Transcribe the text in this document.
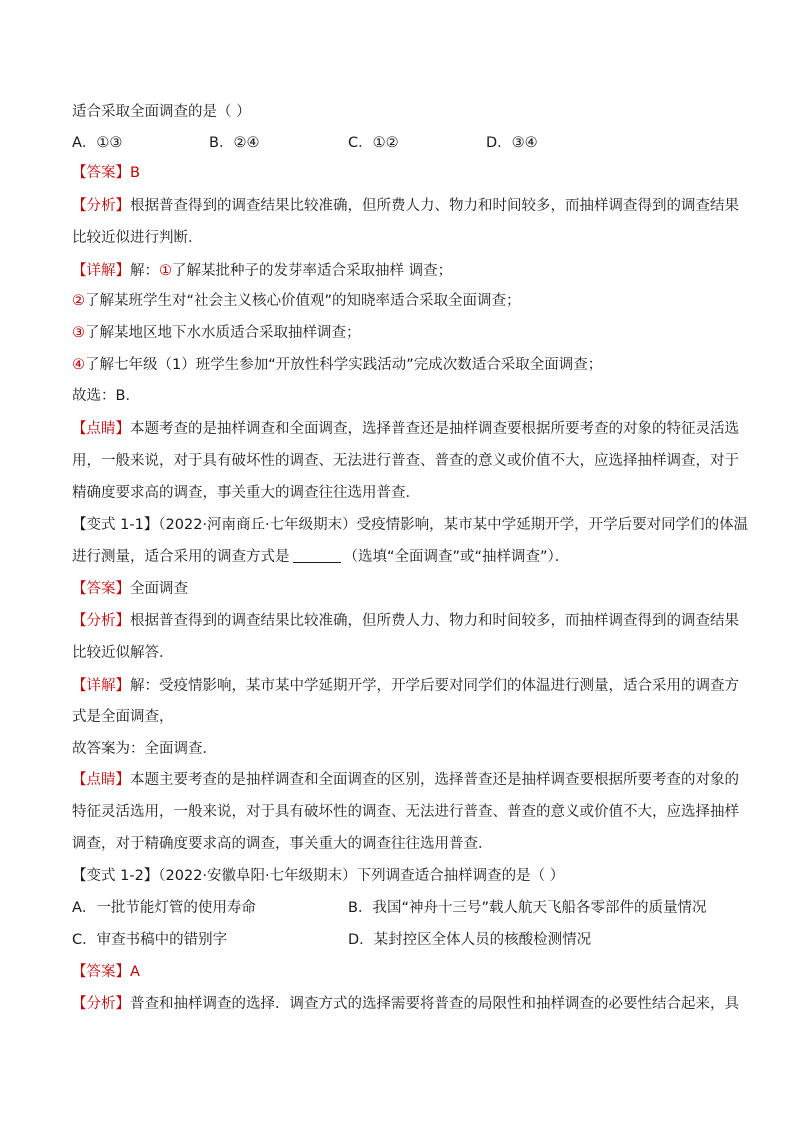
适合采取全面调查的是（ ）
A．①③	B．②④	C．①②	D．③④
【答案】B
【分析】根据普查得到的调查结果比较准确，但所费人力、物力和时间较多，而抽样调查得到的调查结果
比较近似进行判断．
【详解】解：①了解某批种子的发芽率适合采取抽样 调查；
②了解某班学生对“社会主义核心价值观”的知晓率适合采取全面调查；
③了解某地区地下水水质适合采取抽样调查；
④了解七年级（1）班学生参加“开放性科学实践活动”完成次数适合采取全面调查；
故选：B．
【点睛】本题考查的是抽样调查和全面调查，选择普查还是抽样调查要根据所要考查的对象的特征灵活选
用，一般来说，对于具有破坏性的调查、无法进行普查、普查的意义或价值不大，应选择抽样调查，对于
精确度要求高的调查，事关重大的调查往往选用普查．
【变式 1-1】（2022·河南商丘·七年级期末）受疫情影响，某市某中学延期开学，开学后要对同学们的体温
进行测量，适合采用的调查方式是	（选填“全面调查”或“抽样调查”）．
【答案】全面调查
【分析】根据普查得到的调查结果比较准确，但所费人力、物力和时间较多，而抽样调查得到的调查结果
比较近似解答．
【详解】解：受疫情影响，某市某中学延期开学，开学后要对同学们的体温进行测量，适合采用的调查方
式是全面调查，
故答案为：全面调查．
【点睛】本题主要考查的是抽样调查和全面调查的区别，选择普查还是抽样调查要根据所要考查的对象的
特征灵活选用，一般来说，对于具有破坏性的调查、无法进行普查、普查的意义或价值不大，应选择抽样
调查，对于精确度要求高的调查，事关重大的调查往往选用普查．
【变式 1-2】（2022·安徽阜阳·七年级期末）下列调查适合抽样调查的是（ ）
A．一批节能灯管的使用寿命	B．我国“神舟十三号”载人航天飞船各零部件的质量情况
C．审查书稿中的错别字	D．某封控区全体人员的核酸检测情况
【答案】A
【分析】普查和抽样调查的选择．调查方式的选择需要将普查的局限性和抽样调查的必要性结合起来，具
